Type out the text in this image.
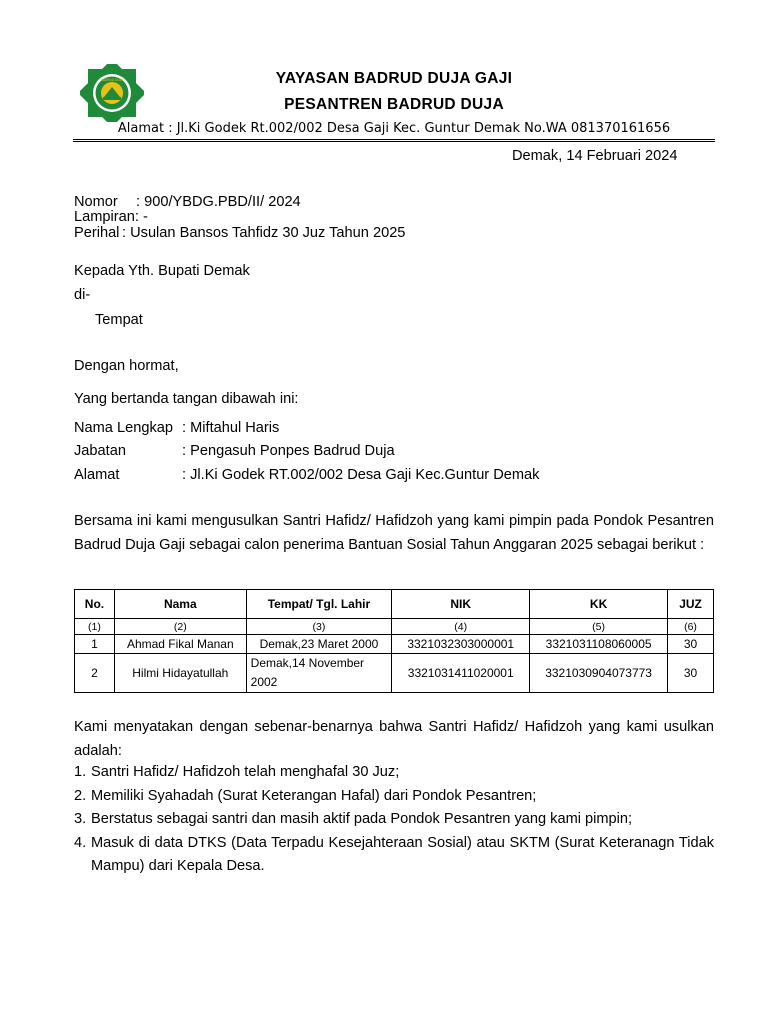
BADRUD DUJA	YAYASAN BADRUD DUJA GAJI
PESANTREN BADRUD DUJA
Alamat : Jl.Ki Godek Rt.002/002 Desa Gaji Kec. Guntur Demak No.WA 081370161656
Demak, 14 Februari 2024
Nomor : 900/YBDG.PBD/II/ 2024
Lampiran: -
Perihal : Usulan Bansos Tahfidz 30 Juz Tahun 2025
Kepada Yth. Bupati Demak
di-
Tempat
Dengan hormat,
Yang bertanda tangan dibawah ini:
Nama Lengkap : Miftahul Haris
Jabatan	: Pengasuh Ponpes Badrud Duja
Alamat	: Jl.Ki Godek RT.002/002 Desa Gaji Kec.Guntur Demak
Bersama ini kami mengusulkan Santri Hafidz/ Hafidzoh yang kami pimpin pada Pondok Pesantren Badrud Duja Gaji sebagai calon penerima Bantuan Sosial Tahun Anggaran 2025 sebagai berikut :
No.	Nama	Tempat/ Tgl. Lahir	NIK	KK	JUZ
(1)	(2)	(3)	(4)	(5)	(6)
1	Ahmad Fikal Manan	Demak,23 Maret 2000	3321032303000001	3321031108060005	30
2	Hilmi Hidayatullah	Demak,14 November 2002	3321031411020001	3321030904073773	30
Kami menyatakan dengan sebenar-benarnya bahwa Santri Hafidz/ Hafidzoh yang kami usulkan adalah:
1. Santri Hafidz/ Hafidzoh telah menghafal 30 Juz;
2. Memiliki Syahadah (Surat Keterangan Hafal) dari Pondok Pesantren;
3. Berstatus sebagai santri dan masih aktif pada Pondok Pesantren yang kami pimpin;
4. Masuk di data DTKS (Data Terpadu Kesejahteraan Sosial) atau SKTM (Surat Keteranagn Tidak Mampu) dari Kepala Desa.
